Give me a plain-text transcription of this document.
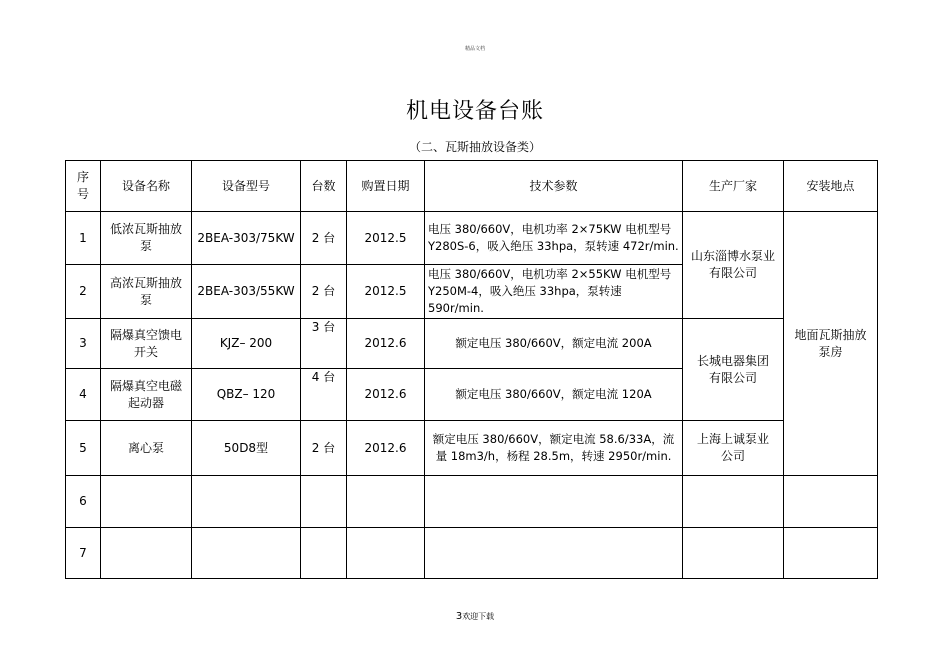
精品文档
机电设备台账
（二、瓦斯抽放设备类）
序号	设备名称	设备型号	台数	购置日期	技术参数	生产厂家	安装地点
1	低浓瓦斯抽放泵	2BEA-303/75KW	2 台	2012.5	电压 380/660V，电机功率 2×75KW 电机型号 Y280S-6，吸入绝压 33hpa，泵转速 472r/min.	山东淄博水泵业有限公司	地面瓦斯抽放泵房
2	高浓瓦斯抽放泵	2BEA-303/55KW	2 台	2012.5	电压 380/660V，电机功率 2×55KW 电机型号 Y250M-4，吸入绝压 33hpa，泵转速 590r/min.		
3	隔爆真空馈电开关	KJZ– 200	3 台	2012.6	额定电压 380/660V，额定电流 200A	长城电器集团有限公司	
4	隔爆真空电磁起动器	QBZ– 120	4 台	2012.6	额定电压 380/660V，额定电流 120A		
5	离心泵	50D8型	2 台	2012.6	额定电压 380/660V，额定电流 58.6/33A，流量 18m3/h，杨程 28.5m，转速 2950r/min.	上海上诚泵业公司	
6							
7							
3欢迎下载
